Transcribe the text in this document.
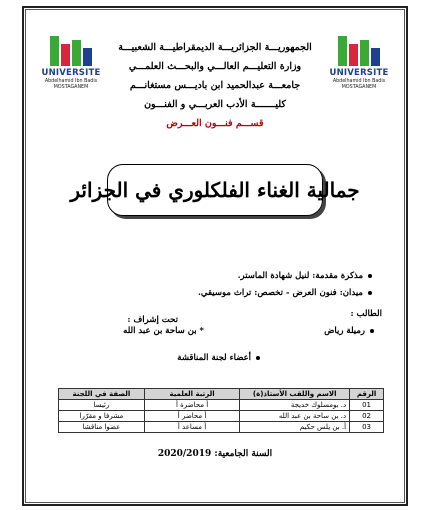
UNIVERSITE
Abdelhamid Ibn Badis
MOSTAGANEM
UNIVERSITE
Abdelhamid Ibn Badis
MOSTAGANEM
الجمهوريـــة الجزائريـــة الديمقراطيـــة الشعبيـــة
وزارة التعليـــم العالـــي والبحـــث العلمـــي
جامعـــة عبدالحميد ابن باديـــس مستغانـــم
كليـــــــة الأدب العربـــي و الفنـــون
قســـم فنـــون العـــرض
جمالية الغناء الفلكلوري في الجزائر
مذكرة مقدمة: لنيل شهادة الماستر.
ميدان: فنون العرض - تخصص: تراث موسيقي.
الطالب :
رميلة رياض
تحت إشراف :
* بن ساحة بن عبد الله
أعضاء لجنة المناقشة
الرقم	الاسم واللقب الأستاذ(ة)	الرتبة العلمية	الصفة في اللجنة
01	د. بومسلوك خديجة	أ محاضرة أ	رئيسا
02	د. بن ساحة بن عبد الله	أ محاضر أ	مشرفا و مقرّرا
03	أ. بن يلس حكيم	أ مساعد أ	عضوا مناقشا
السنة الجامعية: 2020/2019
